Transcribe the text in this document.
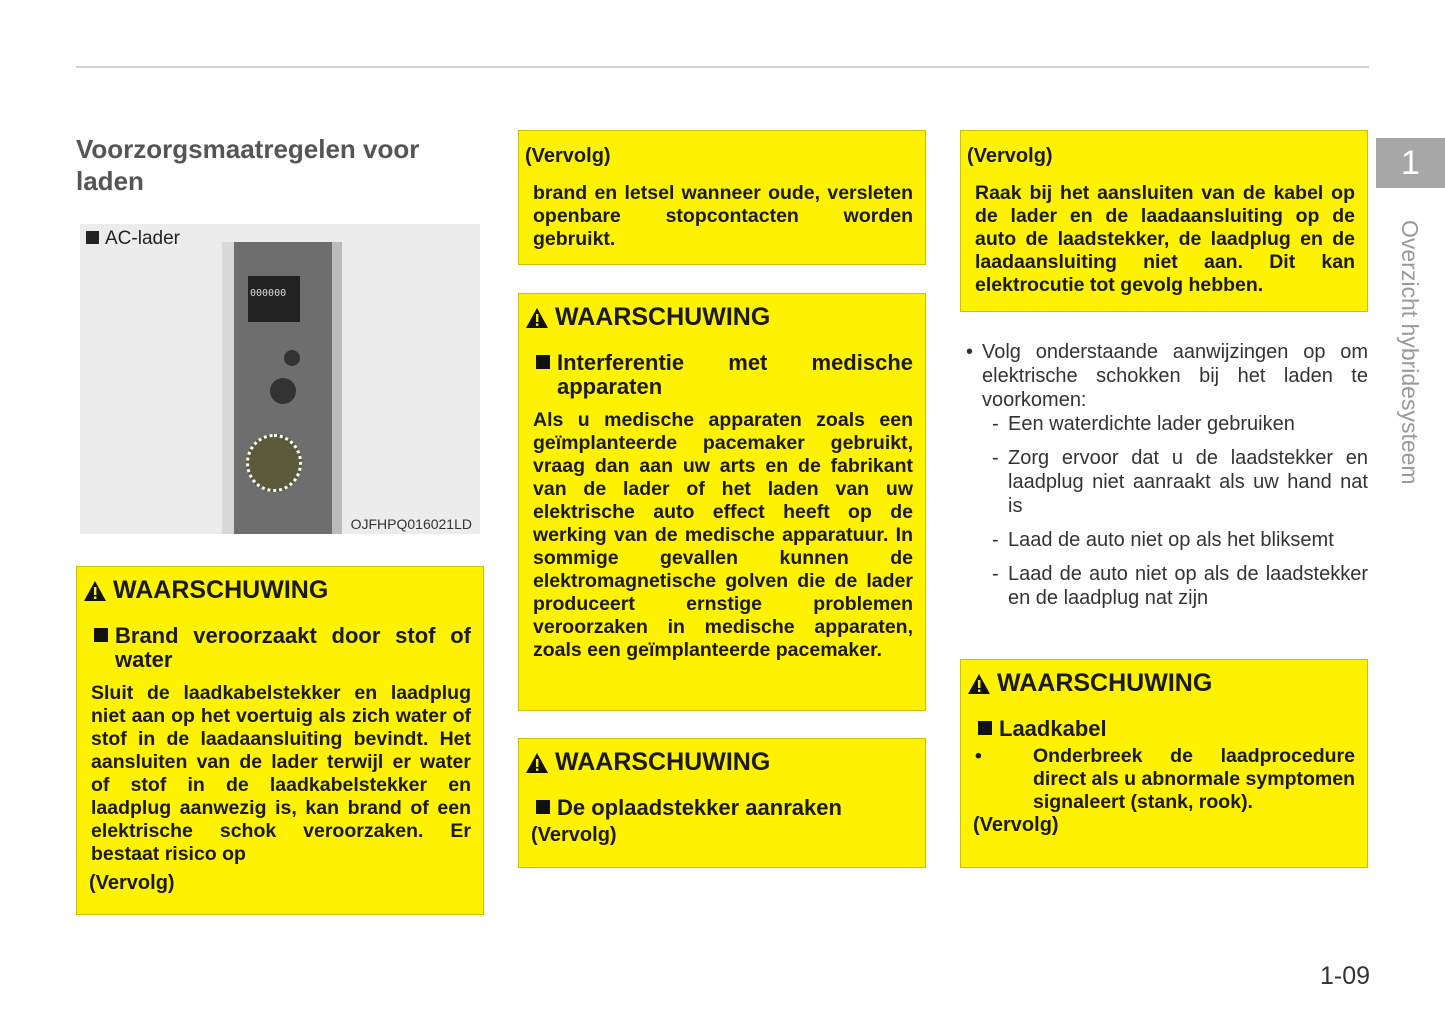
Voorzorgsmaatregelen voor laden
AC-lader
000000
OJFHPQ016021LD
WAARSCHUWING
Brand veroorzaakt door stof of water
Sluit de laadkabelstekker en laadplug niet aan op het voertuig als zich water of stof in de laadaansluiting bevindt. Het aansluiten van de lader terwijl er water of stof in de laadkabelstekker en laadplug aanwezig is, kan brand of een elektrische schok veroorzaken. Er bestaat risico op
(Vervolg)
(Vervolg)
brand en letsel wanneer oude, versleten openbare stopcontacten worden gebruikt.
WAARSCHUWING
Interferentie met medische apparaten
Als u medische apparaten zoals een geïmplanteerde pacemaker gebruikt, vraag dan aan uw arts en de fabrikant van de lader of het laden van uw elektrische auto effect heeft op de werking van de medische apparatuur. In sommige gevallen kunnen de elektromagnetische golven die de lader produceert ernstige problemen veroorzaken in medische apparaten, zoals een geïmplanteerde pacemaker.
WAARSCHUWING
De oplaadstekker aanraken
(Vervolg)
(Vervolg)
Raak bij het aansluiten van de kabel op de lader en de laadaansluiting op de auto de laadstekker, de laadplug en de laadaansluiting niet aan. Dit kan elektrocutie tot gevolg hebben.
• Volg onderstaande aanwijzingen op om elektrische schokken bij het laden te voorkomen:
- Een waterdichte lader gebruiken
- Zorg ervoor dat u de laadstekker en laadplug niet aanraakt als uw hand nat is
- Laad de auto niet op als het bliksemt
- Laad de auto niet op als de laadstekker en de laadplug nat zijn
WAARSCHUWING
Laadkabel
•	Onderbreek de laadprocedure direct als u abnormale symptomen signaleert (stank, rook).
(Vervolg)
1
Overzicht hybridesysteem
1-09
